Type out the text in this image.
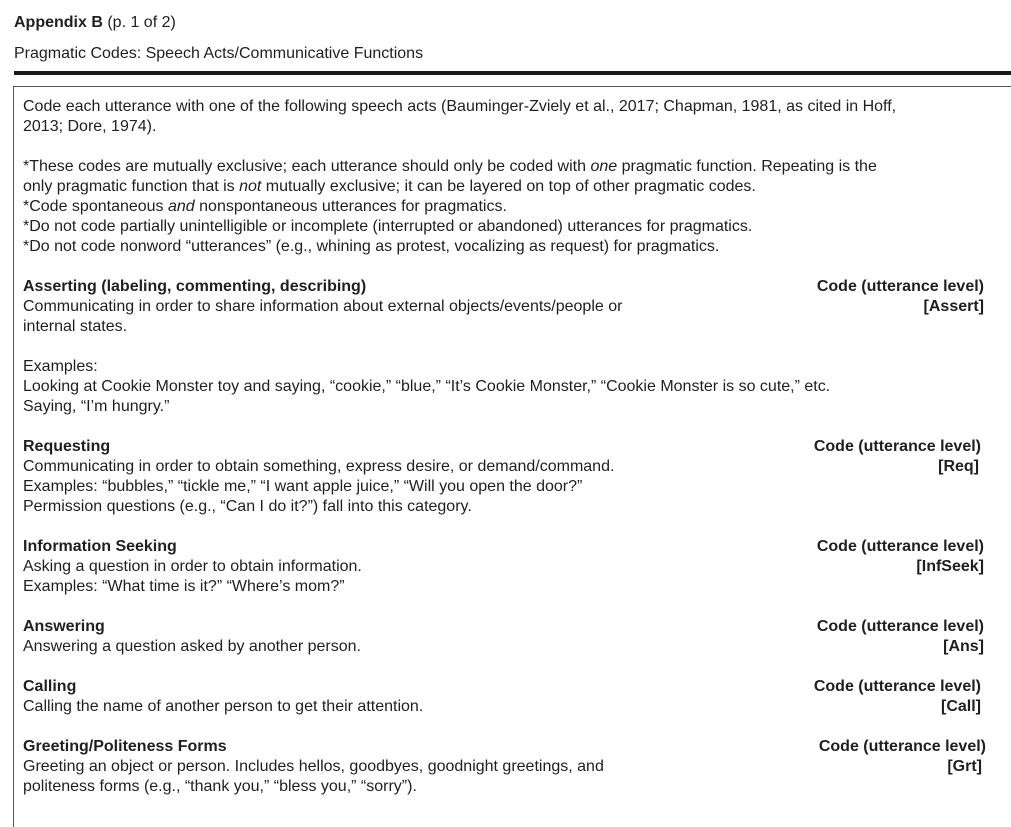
Appendix B (p. 1 of 2)
Pragmatic Codes: Speech Acts/Communicative Functions
Code each utterance with one of the following speech acts (Bauminger-Zviely et al., 2017; Chapman, 1981, as cited in Hoff,
2013; Dore, 1974).
*These codes are mutually exclusive; each utterance should only be coded with one pragmatic function. Repeating is the
only pragmatic function that is not mutually exclusive; it can be layered on top of other pragmatic codes.
*Code spontaneous and nonspontaneous utterances for pragmatics.
*Do not code partially unintelligible or incomplete (interrupted or abandoned) utterances for pragmatics.
*Do not code nonword “utterances” (e.g., whining as protest, vocalizing as request) for pragmatics.
Asserting (labeling, commenting, describing)	Code (utterance level)
Communicating in order to share information about external objects/events/people or	[Assert]
internal states.
Examples:
Looking at Cookie Monster toy and saying, “cookie,” “blue,” “It’s Cookie Monster,” “Cookie Monster is so cute,” etc.
Saying, “I’m hungry.”
Requesting	Code (utterance level)
Communicating in order to obtain something, express desire, or demand/command.	[Req]
Examples: “bubbles,” “tickle me,” “I want apple juice,” “Will you open the door?”
Permission questions (e.g., “Can I do it?”) fall into this category.
Information Seeking	Code (utterance level)
Asking a question in order to obtain information.	[InfSeek]
Examples: “What time is it?” “Where’s mom?”
Answering	Code (utterance level)
Answering a question asked by another person.	[Ans]
Calling	Code (utterance level)
Calling the name of another person to get their attention.	[Call]
Greeting/Politeness Forms	Code (utterance level)
Greeting an object or person. Includes hellos, goodbyes, goodnight greetings, and	[Grt]
politeness forms (e.g., “thank you,” “bless you,” “sorry”).
